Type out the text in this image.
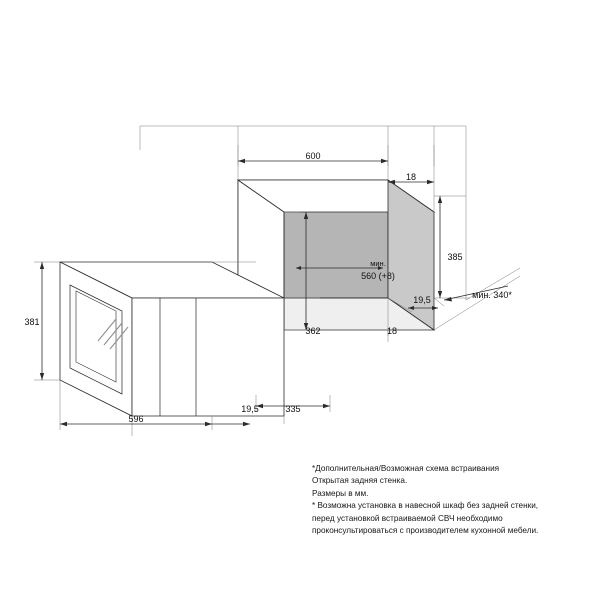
600
18
385
мин.
560 (+8)
мин. 340*
19,5
362	18
381
596
19,5	335
*Дополнительная/Возможная схема встраивания
Открытая задняя стенка.
Размеры в мм.
* Возможна установка в навесной шкаф без задней стенки,
перед установкой встраиваемой СВЧ необходимо
проконсультироваться с производителем кухонной мебели.
